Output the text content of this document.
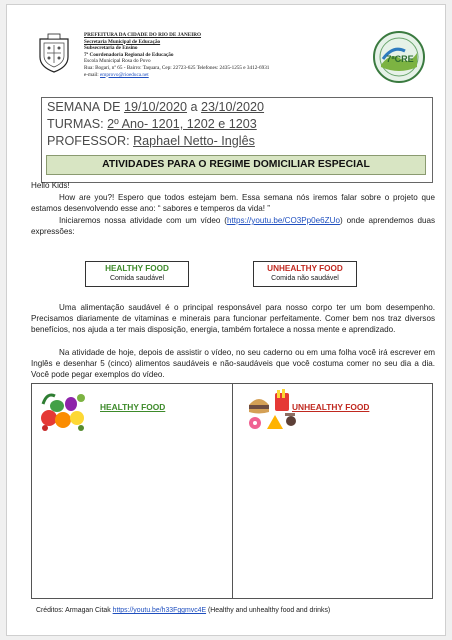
PREFEITURA DA CIDADE DO RIO DE JANEIRO
Secretaria Municipal de Educação
Subsecretaria de Ensino
7ª Coordenadoria Regional de Educação
Escola Municipal Rosa do Povo
Rua: Bogari, nº 65 - Bairro: Taquara, Cep: 22723-625 Telefones: 2435-1255 e 3412-6931
e-mail: emprovo@rioeduca.net
7ªCRE
SEMANA DE 19/10/2020 a 23/10/2020
TURMAS: 2º Ano- 1201, 1202 e 1203
PROFESSOR: Raphael Netto- Inglês
ATIVIDADES PARA O REGIME DOMICILIAR ESPECIAL
Hello Kids!
How are you?! Espero que todos estejam bem. Essa semana nós iremos falar sobre o projeto que estamos desenvolvendo esse ano: “ sabores e temperos da vida! ”
Iniciaremos nossa atividade com um vídeo (https://youtu.be/CO3Pp0e6ZUo) onde aprendemos duas expressões:
HEALTHY FOOD
Comida saudável
UNHEALTHY FOOD
Comida não saudável
Uma alimentação saudável é o principal responsável para nosso corpo ter um bom desempenho. Precisamos diariamente de vitaminas e minerais para funcionar perfeitamente. Comer bem nos traz diversos benefícios, nos ajuda a ter mais disposição, energia, também fortalece a nossa mente e aprendizado.
Na atividade de hoje, depois de assistir o vídeo, no seu caderno ou em uma folha você irá escrever em Inglês e desenhar 5 (cinco) alimentos saudáveis e não-saudáveis que você costuma comer no seu dia a dia. Você pode pegar exemplos do vídeo.
HEALTHY FOOD	UNHEALTHY FOOD
Créditos: Armagan Citak https://youtu.be/h33Fggmvc4E (Healthy and unhealthy food and drinks)
